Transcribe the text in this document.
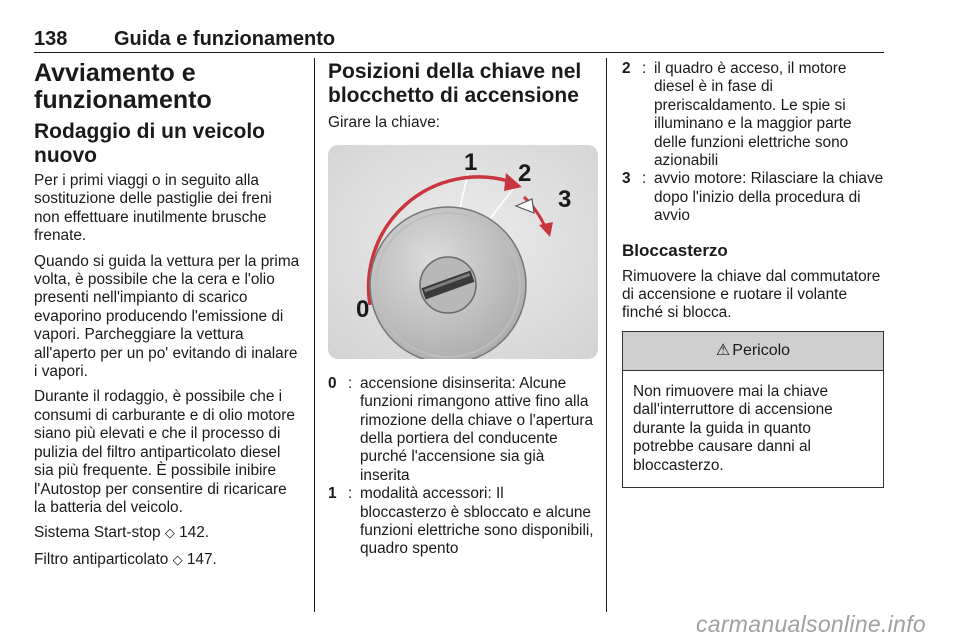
138 Guida e funzionamento
Avviamento e funzionamento
Rodaggio di un veicolo nuovo

Per i primi viaggi o in seguito alla sostituzione delle pastiglie dei freni non effettuare inutilmente brusche frenate.

Quando si guida la vettura per la prima volta, è possibile che la cera e l'olio presenti nell'impianto di scarico evaporino producendo l'emissione di vapori. Parcheggiare la vettura all'aperto per un po' evitando di inalare i vapori.

Durante il rodaggio, è possibile che i consumi di carburante e di olio motore siano più elevati e che il processo di pulizia del filtro antiparticolato diesel sia più frequente. È possibile inibire l'Autostop per consentire di ricaricare la batteria del veicolo.

Sistema Start-stop ◇ 142.

Filtro antiparticolato ◇ 147.

Posizioni della chiave nel blocchetto di accensione

Girare la chiave:

0
1 2
3
0 : accensione disinserita: Alcune funzioni rimangono attive fino alla rimozione della chiave o l'apertura della portiera del conducente purché l'accensione sia già inserita
1 : modalità accessori: Il bloccasterzo è sbloccato e alcune funzioni elettriche sono disponibili, quadro spento
2 : il quadro è acceso, il motore diesel è in fase di preriscaldamento. Le spie si illuminano e la maggior parte delle funzioni elettriche sono azionabili
3 : avvio motore: Rilasciare la chiave dopo l'inizio della procedura di avvio
Bloccasterzo

Rimuovere la chiave dal commutatore di accensione e ruotare il volante finché si blocca.

⚠ Pericolo
Non rimuovere mai la chiave dall'interruttore di accensione durante la guida in quanto potrebbe causare danni al bloccasterzo.
carmanualsonline.info
